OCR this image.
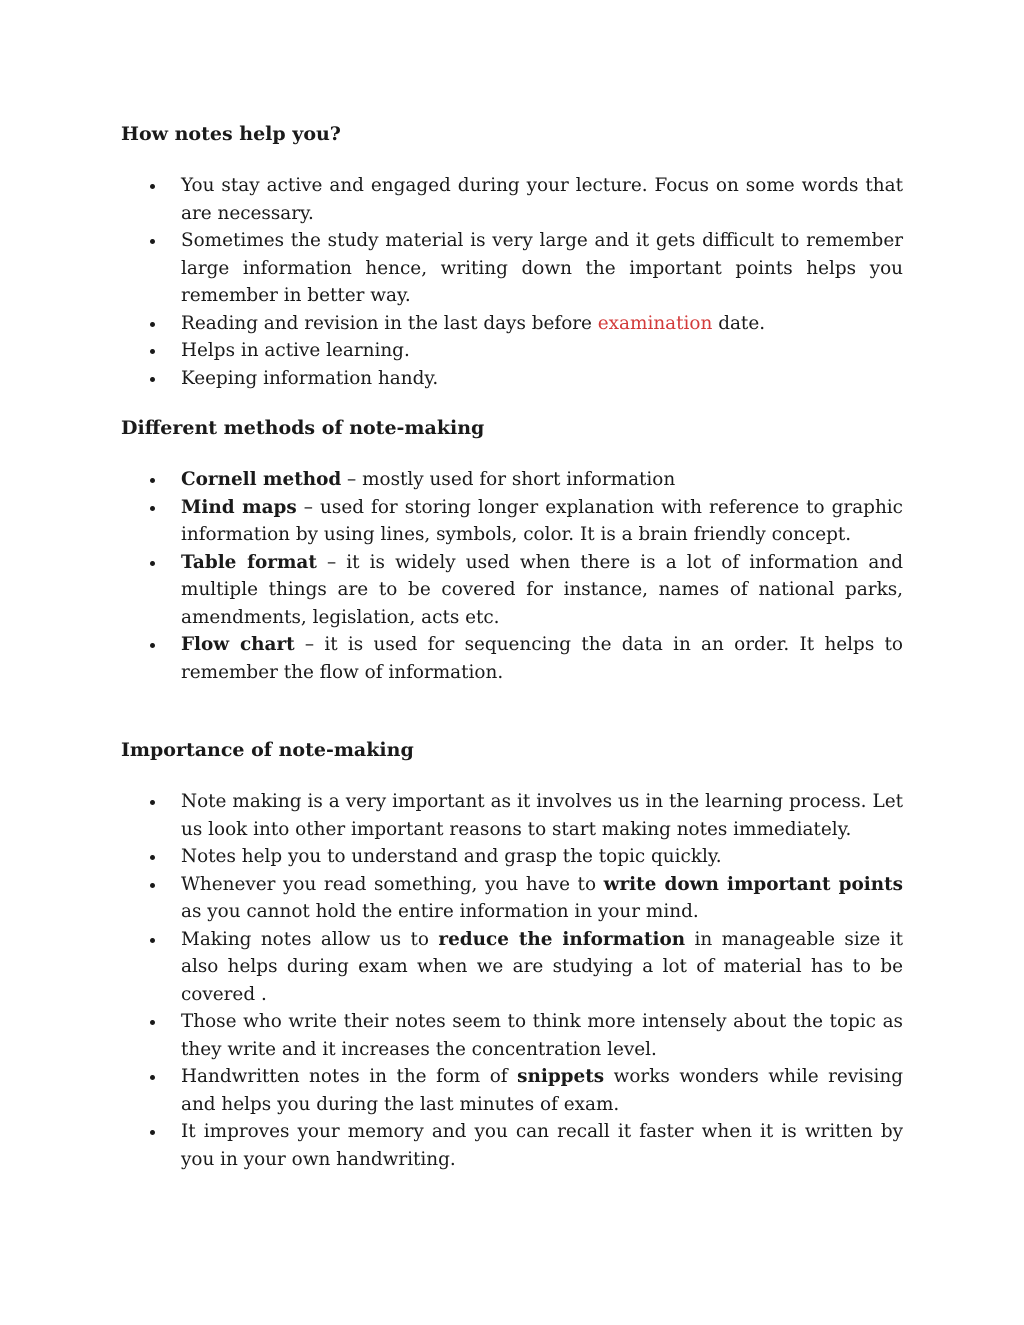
How notes help you?
You stay active and engaged during your lecture. Focus on some words that are necessary.
Sometimes the study material is very large and it gets difficult to remember large information hence, writing down the important points helps you remember in better way.
Reading and revision in the last days before examination date.
Helps in active learning.
Keeping information handy.
Different methods of note-making
Cornell method – mostly used for short information
Mind maps – used for storing longer explanation with reference to graphic information by using lines, symbols, color. It is a brain friendly concept.
Table format – it is widely used when there is a lot of information and multiple things are to be covered for instance, names of national parks, amendments, legislation, acts etc.
Flow chart – it is used for sequencing the data in an order. It helps to remember the flow of information.
Importance of note-making
Note making is a very important as it involves us in the learning process. Let us look into other important reasons to start making notes immediately.
Notes help you to understand and grasp the topic quickly.
Whenever you read something, you have to write down important points as you cannot hold the entire information in your mind.
Making notes allow us to reduce the information in manageable size it also helps during exam when we are studying a lot of material has to be covered .
Those who write their notes seem to think more intensely about the topic as they write and it increases the concentration level.
Handwritten notes in the form of snippets works wonders while revising and helps you during the last minutes of exam.
It improves your memory and you can recall it faster when it is written by you in your own handwriting.
